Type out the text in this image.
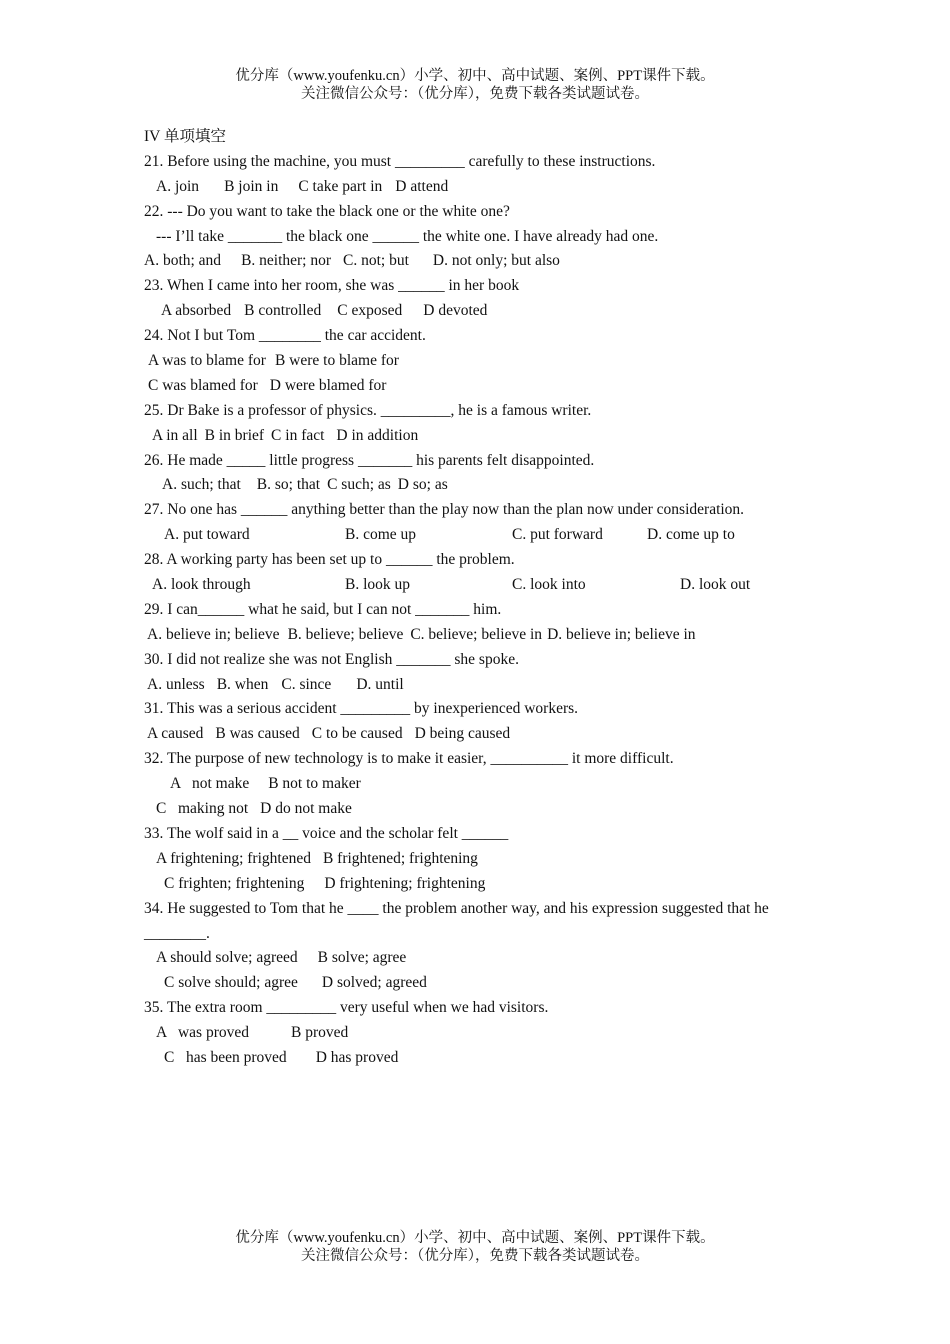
优分库（www.youfenku.cn）小学、初中、高中试题、案例、PPT课件下载。
关注微信公众号：（优分库），免费下载各类试题试卷。
IV 单项填空
21. Before using the machine, you must _________ carefully to these instructions.
A. join B join in C take part in D attend
22. --- Do you want to take the black one or the white one?
--- I’ll take _______ the black one ______ the white one. I have already had one.
A. both; and B. neither; nor C. not; but D. not only; but also
23. When I came into her room, she was ______ in her book
A absorbed B controlled C exposed D devoted
24. Not I but Tom ________ the car accident.
A was to blame for B were to blame for
C was blamed for D were blamed for
25. Dr Bake is a professor of physics. _________, he is a famous writer.
A in all B in brief C in fact D in addition
26. He made _____ little progress _______ his parents felt disappointed.
A. such; that B. so; that C such; as D so; as
27. No one has ______ anything better than the play now than the plan now under consideration.
A. put toward	B. come up	C. put forward	D. come up to
28. A working party has been set up to ______ the problem.
A. look through	B. look up	C. look into	D. look out
29. I can______ what he said, but I can not _______ him.
A. believe in; believe B. believe; believe C. believe; believe in D. believe in; believe in
30. I did not realize she was not English _______ she spoke.
A. unless B. when C. since D. until
31. This was a serious accident _________ by inexperienced workers.
A caused B was caused C to be caused D being caused
32. The purpose of new technology is to make it easier, __________ it more difficult.
A   not make B not to maker
C   making not D do not make
33. The wolf said in a __ voice and the scholar felt ______
A frightening; frightened B frightened; frightening
C frighten; frightening D frightening; frightening
34. He suggested to Tom that he ____ the problem another way, and his expression suggested that he ________.
A should solve; agreed B solve; agree
C solve should; agree D solved; agreed
35. The extra room _________ very useful when we had visitors.
A   was proved	B proved
C   has been proved D has proved
优分库（www.youfenku.cn）小学、初中、高中试题、案例、PPT课件下载。
关注微信公众号：（优分库），免费下载各类试题试卷。
